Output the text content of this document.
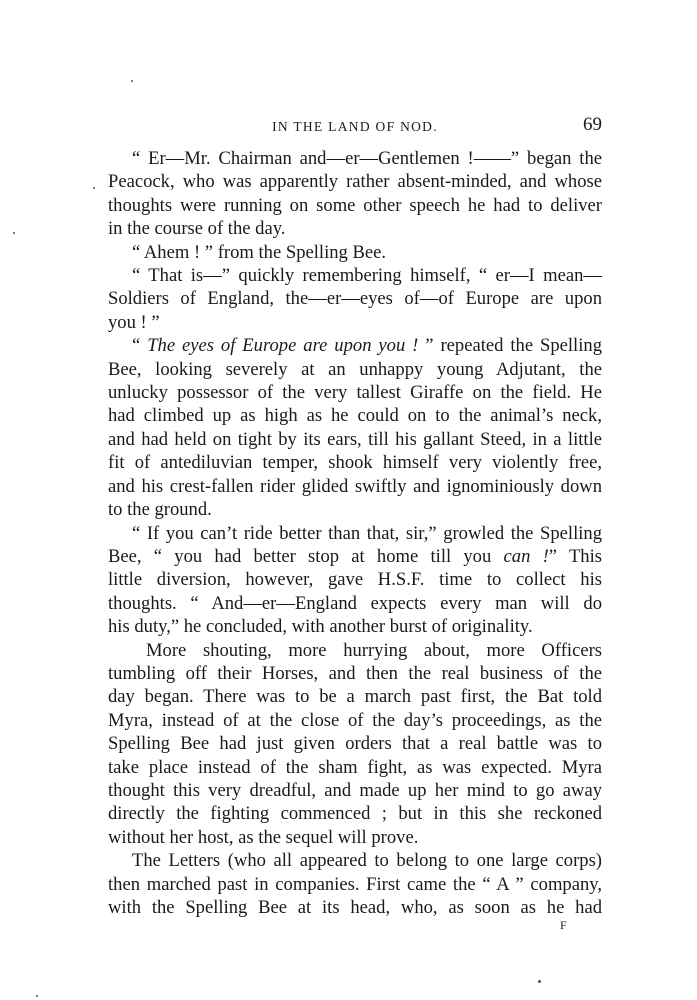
IN THE LAND OF NOD.	69

“ Er—Mr. Chairman and—er—Gentlemen !——” began the
Peacock, who was apparently rather absent-minded, and whose
thoughts were running on some other speech he had to deliver
in the course of the day.

“ Ahem ! ” from the Spelling Bee.

“ That is—” quickly remembering himself, “ er—I mean—
Soldiers of England, the—er—eyes of—of Europe are upon
you ! ”

“ The eyes of Europe are upon you ! ” repeated the Spelling
Bee, looking severely at an unhappy young Adjutant, the
unlucky possessor of the very tallest Giraffe on the field. He
had climbed up as high as he could on to the animal’s neck,
and had held on tight by its ears, till his gallant Steed, in a little
fit of antediluvian temper, shook himself very violently free,
and his crest-fallen rider glided swiftly and ignominiously down
to the ground.

“ If you can’t ride better than that, sir,” growled the Spelling
Bee, “ you had better stop at home till you can !” This
little diversion, however, gave H.S.F. time to collect his
thoughts. “ And—er—England expects every man will do
his duty,” he concluded, with another burst of originality.

More shouting, more hurrying about, more Officers
tumbling off their Horses, and then the real business of the
day began. There was to be a march past first, the Bat told
Myra, instead of at the close of the day’s proceedings, as the
Spelling Bee had just given orders that a real battle was to
take place instead of the sham fight, as was expected. Myra
thought this very dreadful, and made up her mind to go away
directly the fighting commenced ; but in this she reckoned
without her host, as the sequel will prove.

The Letters (who all appeared to belong to one large corps)
then marched past in companies. First came the “ A ” company,
with the Spelling Bee at its head, who, as soon as he had

F
